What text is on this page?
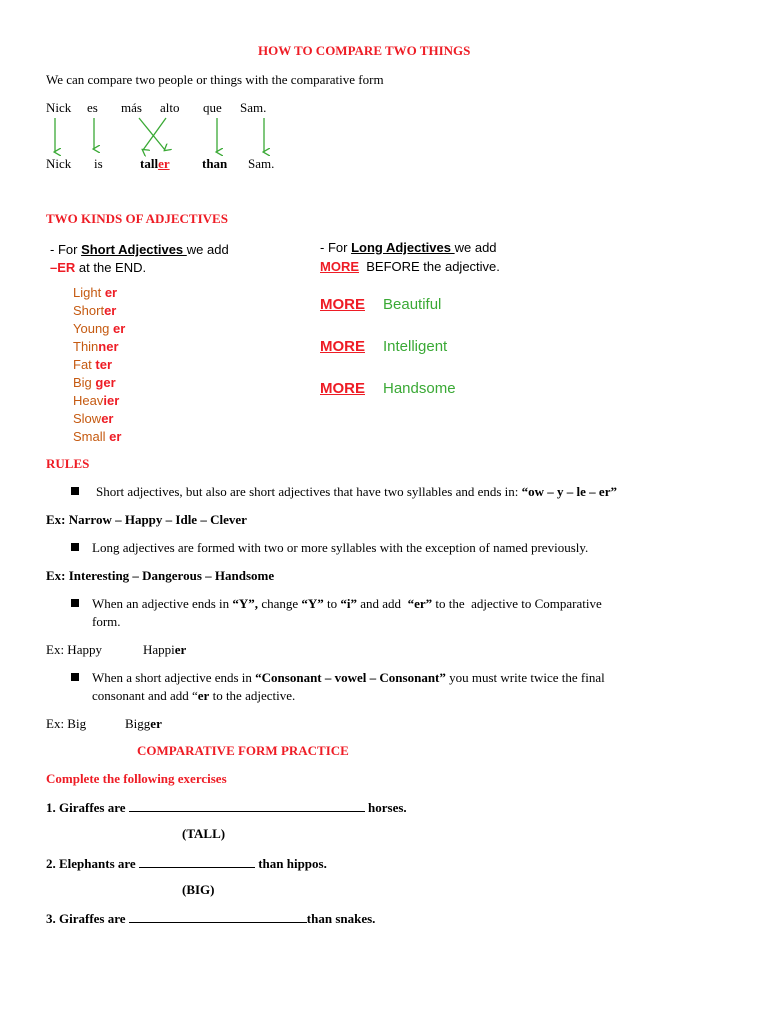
HOW TO COMPARE TWO THINGS
We can compare two people or things with the comparative form
Nick es más alto que Sam.
Nick is	taller than Sam.
TWO KINDS OF ADJECTIVES
- For Short Adjectives we add
–ER at the END.
Light er
Shorter
Young er
Thinner
Fat ter
Big ger
Heavier
Slower
Small er
- For Long Adjectives we add
MORE  BEFORE the adjective.
MORE Beautiful
MORE Intelligent
MORE Handsome
RULES
Short adjectives, but also are short adjectives that have two syllables and ends in: “ow – y – le – er”
Ex: Narrow – Happy – Idle – Clever
Long adjectives are formed with two or more syllables with the exception of named previously.
Ex: Interesting – Dangerous – Handsome
When an adjective ends in “Y”, change “Y” to “i” and add  “er” to the  adjective to Comparative
form.
Ex: Happy	Happier
When a short adjective ends in “Consonant – vowel – Consonant” you must write twice the final
consonant and add “er to the adjective.
Ex: Big	Bigger
COMPARATIVE FORM PRACTICE
Complete the following exercises
1. Giraffes are	horses.
(TALL)
2. Elephants are	than hippos.
(BIG)
3. Giraffes are	than snakes.
